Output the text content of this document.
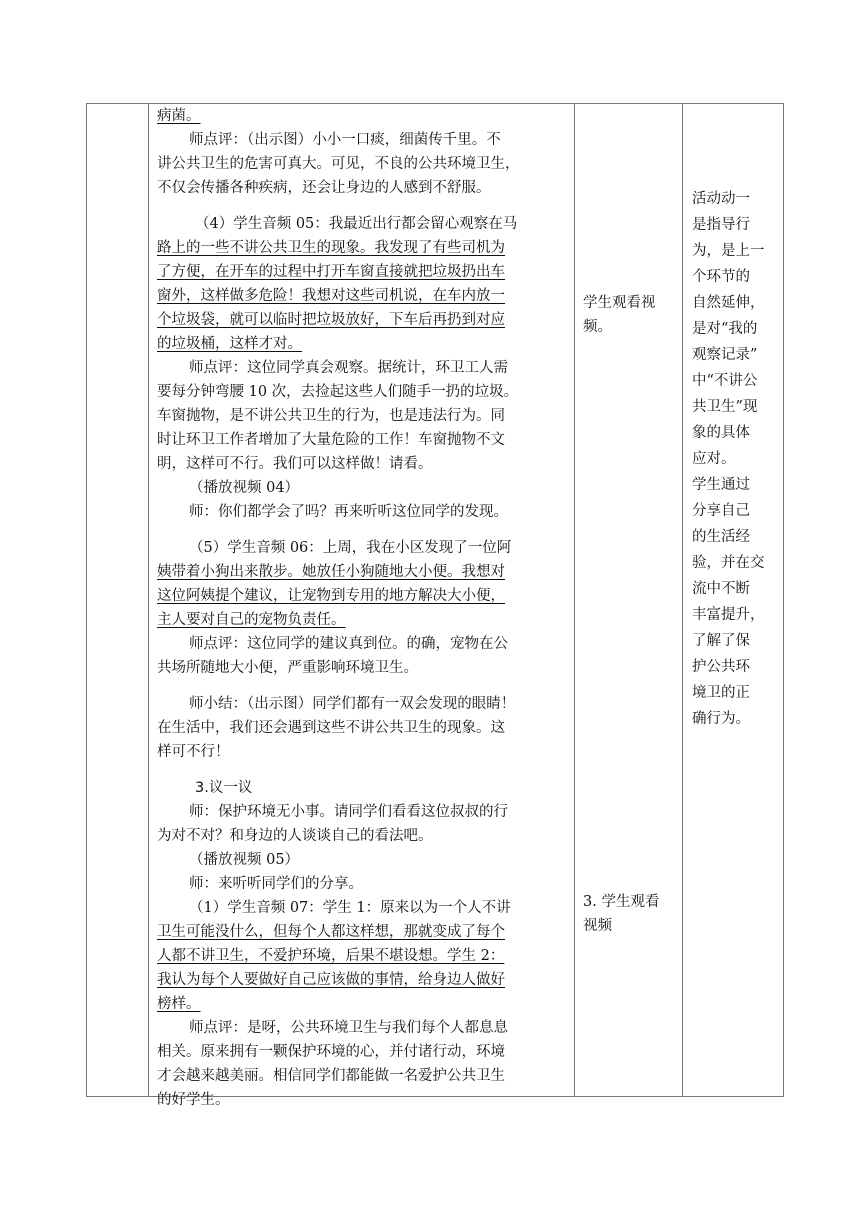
病菌。
师点评：（出示图）小小一口痰，细菌传千里。不
讲公共卫生的危害可真大。可见，不良的公共环境卫生，
不仅会传播各种疾病，还会让身边的人感到不舒服。
（4）学生音频 05：我最近出行都会留心观察在马
路上的一些不讲公共卫生的现象。我发现了有些司机为
了方便，在开车的过程中打开车窗直接就把垃圾扔出车
窗外，这样做多危险！我想对这些司机说，在车内放一
个垃圾袋，就可以临时把垃圾放好，下车后再扔到对应
的垃圾桶，这样才对。
师点评：这位同学真会观察。据统计，环卫工人需
要每分钟弯腰 10 次，去捡起这些人们随手一扔的垃圾。
车窗抛物，是不讲公共卫生的行为，也是违法行为。同
时让环卫工作者增加了大量危险的工作！车窗抛物不文
明，这样可不行。我们可以这样做！请看。
（播放视频 04）
师：你们都学会了吗？再来听听这位同学的发现。
（5）学生音频 06：上周，我在小区发现了一位阿
姨带着小狗出来散步。她放任小狗随地大小便。我想对
这位阿姨提个建议，让宠物到专用的地方解决大小便，
主人要对自己的宠物负责任。
师点评：这位同学的建议真到位。的确，宠物在公
共场所随地大小便，严重影响环境卫生。
师小结：（出示图）同学们都有一双会发现的眼睛！
在生活中，我们还会遇到这些不讲公共卫生的现象。这
样可不行！
3.议一议
师：保护环境无小事。请同学们看看这位叔叔的行
为对不对？和身边的人谈谈自己的看法吧。
（播放视频 05）
师：来听听同学们的分享。
（1）学生音频 07：学生 1：原来以为一个人不讲
卫生可能没什么，但每个人都这样想，那就变成了每个
人都不讲卫生，不爱护环境，后果不堪设想。学生 2：
我认为每个人要做好自己应该做的事情，给身边人做好
榜样。
师点评：是呀，公共环境卫生与我们每个人都息息
相关。原来拥有一颗保护环境的心，并付诸行动，环境
才会越来越美丽。相信同学们都能做一名爱护公共卫生
的好学生。
学生观看视
频。
3. 学生观看
视频
活动动一
是指导行
为，是上一
个环节的
自然延伸，
是对“我的
观察记录”
中“不讲公
共卫生”现
象的具体
应对。
学生通过
分享自己
的生活经
验，并在交
流中不断
丰富提升，
了解了保
护公共环
境卫的正
确行为。
